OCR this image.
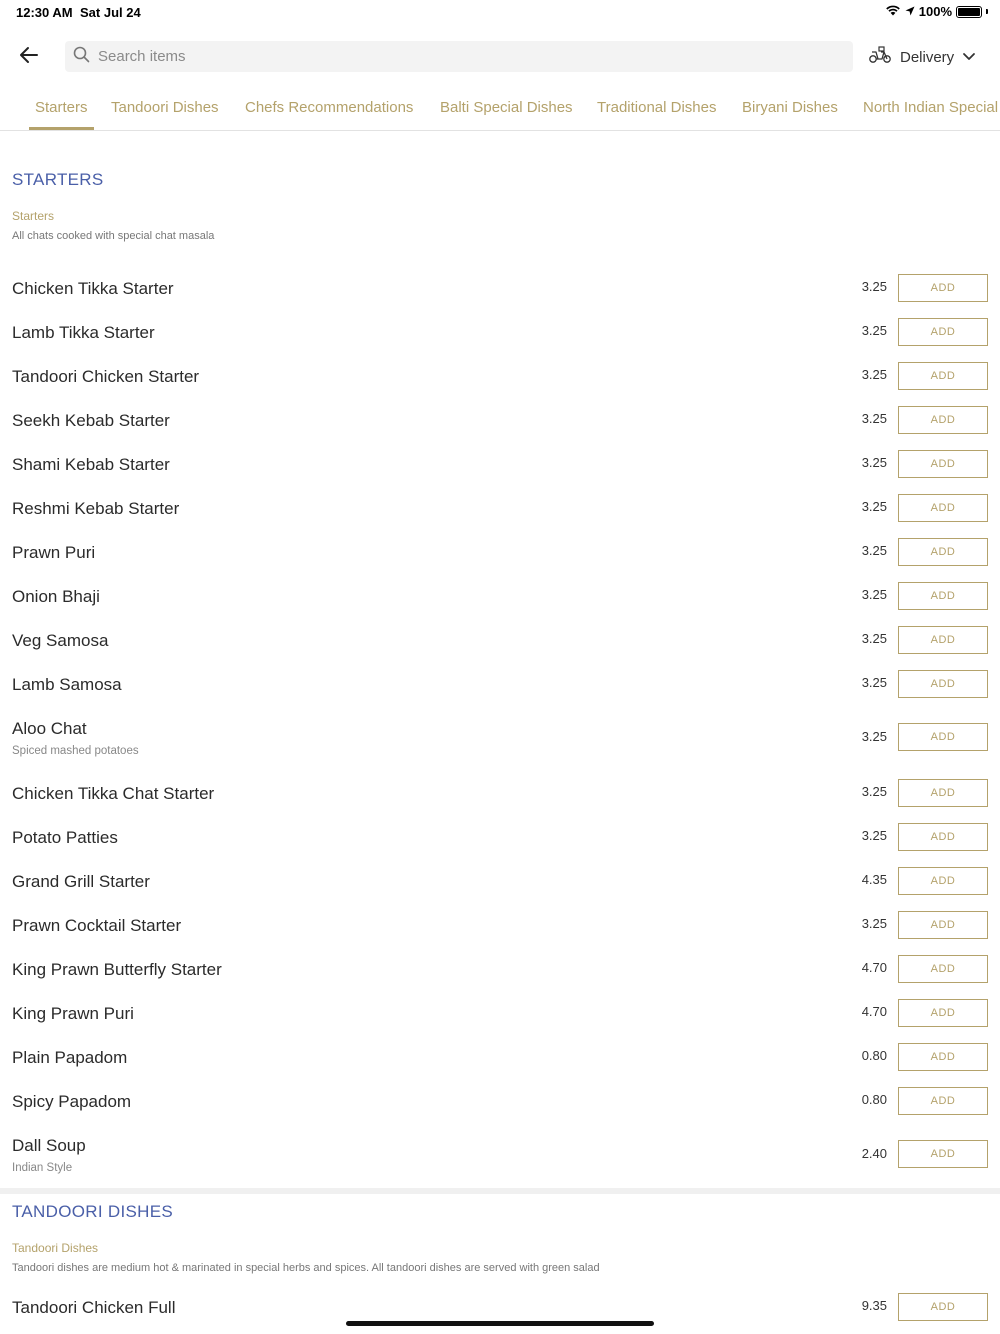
12:30 AM Sat Jul 24	100%
Search items
Delivery
Starters Tandoori Dishes Chefs Recommendations Balti Special Dishes Traditional Dishes Biryani Dishes North Indian Special
STARTERS
Starters
All chats cooked with special chat masala
Chicken Tikka Starter	3.25	ADD
Lamb Tikka Starter	3.25	ADD
Tandoori Chicken Starter	3.25	ADD
Seekh Kebab Starter	3.25	ADD
Shami Kebab Starter	3.25	ADD
Reshmi Kebab Starter	3.25	ADD
Prawn Puri	3.25	ADD
Onion Bhaji	3.25	ADD
Veg Samosa	3.25	ADD
Lamb Samosa	3.25	ADD
Aloo Chat
Spiced mashed potatoes
3.25	ADD
Chicken Tikka Chat Starter	3.25	ADD
Potato Patties	3.25	ADD
Grand Grill Starter	4.35	ADD
Prawn Cocktail Starter	3.25	ADD
King Prawn Butterfly Starter	4.70	ADD
King Prawn Puri	4.70	ADD
Plain Papadom	0.80	ADD
Spicy Papadom	0.80	ADD
Dall Soup
Indian Style
2.40	ADD
TANDOORI DISHES
Tandoori Dishes
Tandoori dishes are medium hot & marinated in special herbs and spices. All tandoori dishes are served with green salad
Tandoori Chicken Full	9.35	ADD
